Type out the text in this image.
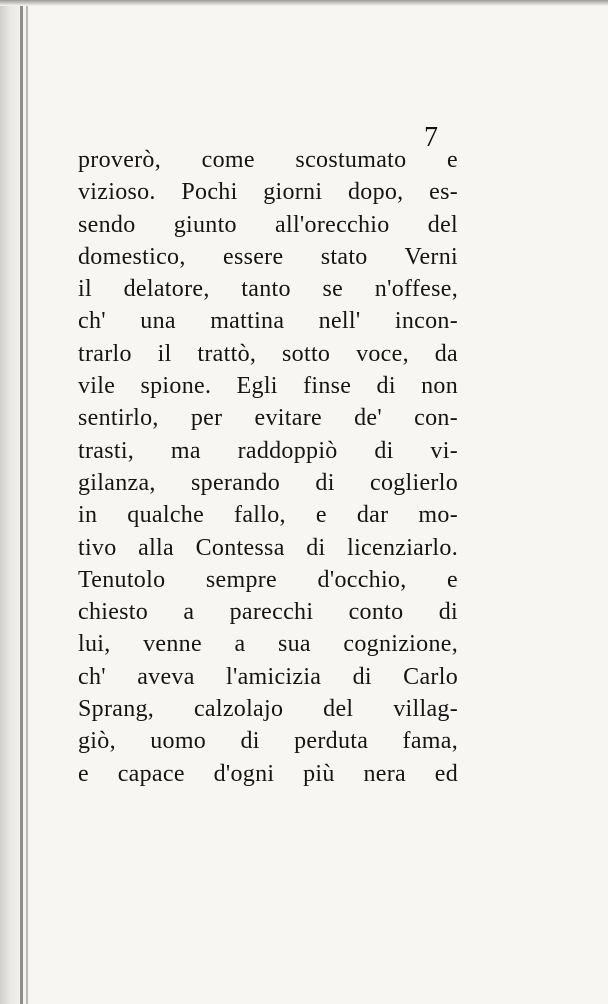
7
proverò, come scostumato e
vizioso. Pochi giorni dopo, es-
sendo giunto all'orecchio del
domestico, essere stato Verni
il delatore, tanto se n'offese,
ch' una mattina nell' incon-
trarlo il trattò, sotto voce, da
vile spione. Egli finse di non
sentirlo, per evitare de' con-
trasti, ma raddoppiò di vi-
gilanza, sperando di coglierlo
in qualche fallo, e dar mo-
tivo alla Contessa di licenziarlo.
Tenutolo sempre d'occhio, e
chiesto a parecchi conto di
lui, venne a sua cognizione,
ch' aveva l'amicizia di Carlo
Sprang, calzolajo del villag-
giò, uomo di perduta fama,
e capace d'ogni più nera ed
